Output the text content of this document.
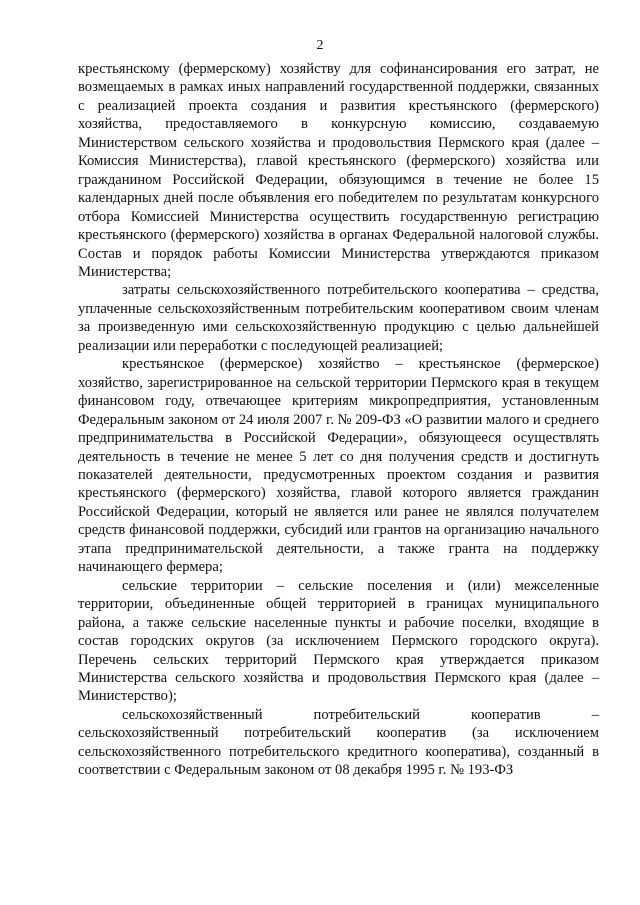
2

крестьянскому (фермерскому) хозяйству для софинансирования его затрат, не возмещаемых в рамках иных направлений государственной поддержки, связанных с реализацией проекта создания и развития крестьянского (фермерского) хозяйства, предоставляемого в конкурсную комиссию, создаваемую Министерством сельского хозяйства и продовольствия Пермского края (далее – Комиссия Министерства), главой крестьянского (фермерского) хозяйства или гражданином Российской Федерации, обязующимся в течение не более 15 календарных дней после объявления его победителем по результатам конкурсного отбора Комиссией Министерства осуществить государственную регистрацию крестьянского (фермерского) хозяйства в органах Федеральной налоговой службы. Состав и порядок работы Комиссии Министерства утверждаются приказом Министерства;

затраты сельскохозяйственного потребительского кооператива – средства, уплаченные сельскохозяйственным потребительским кооперативом своим членам за произведенную ими сельскохозяйственную продукцию с целью дальнейшей реализации или переработки с последующей реализацией;

крестьянское (фермерское) хозяйство – крестьянское (фермерское) хозяйство, зарегистрированное на сельской территории Пермского края в текущем финансовом году, отвечающее критериям микропредприятия, установленным Федеральным законом от 24 июля 2007 г. № 209-ФЗ «О развитии малого и среднего предпринимательства в Российской Федерации», обязующееся осуществлять деятельность в течение не менее 5 лет со дня получения средств и достигнуть показателей деятельности, предусмотренных проектом создания и развития крестьянского (фермерского) хозяйства, главой которого является гражданин Российской Федерации, который не является или ранее не являлся получателем средств финансовой поддержки, субсидий или грантов на организацию начального этапа предпринимательской деятельности, а также гранта на поддержку начинающего фермера;

сельские территории – сельские поселения и (или) межселенные территории, объединенные общей территорией в границах муниципального района, а также сельские населенные пункты и рабочие поселки, входящие в состав городских округов (за исключением Пермского городского округа). Перечень сельских территорий Пермского края утверждается приказом Министерства сельского хозяйства и продовольствия Пермского края (далее – Министерство);

сельскохозяйственный потребительский кооператив – сельскохозяйственный потребительский кооператив (за исключением сельскохозяйственного потребительского кредитного кооператива), созданный в соответствии с Федеральным законом от 08 декабря 1995 г. № 193-ФЗ
